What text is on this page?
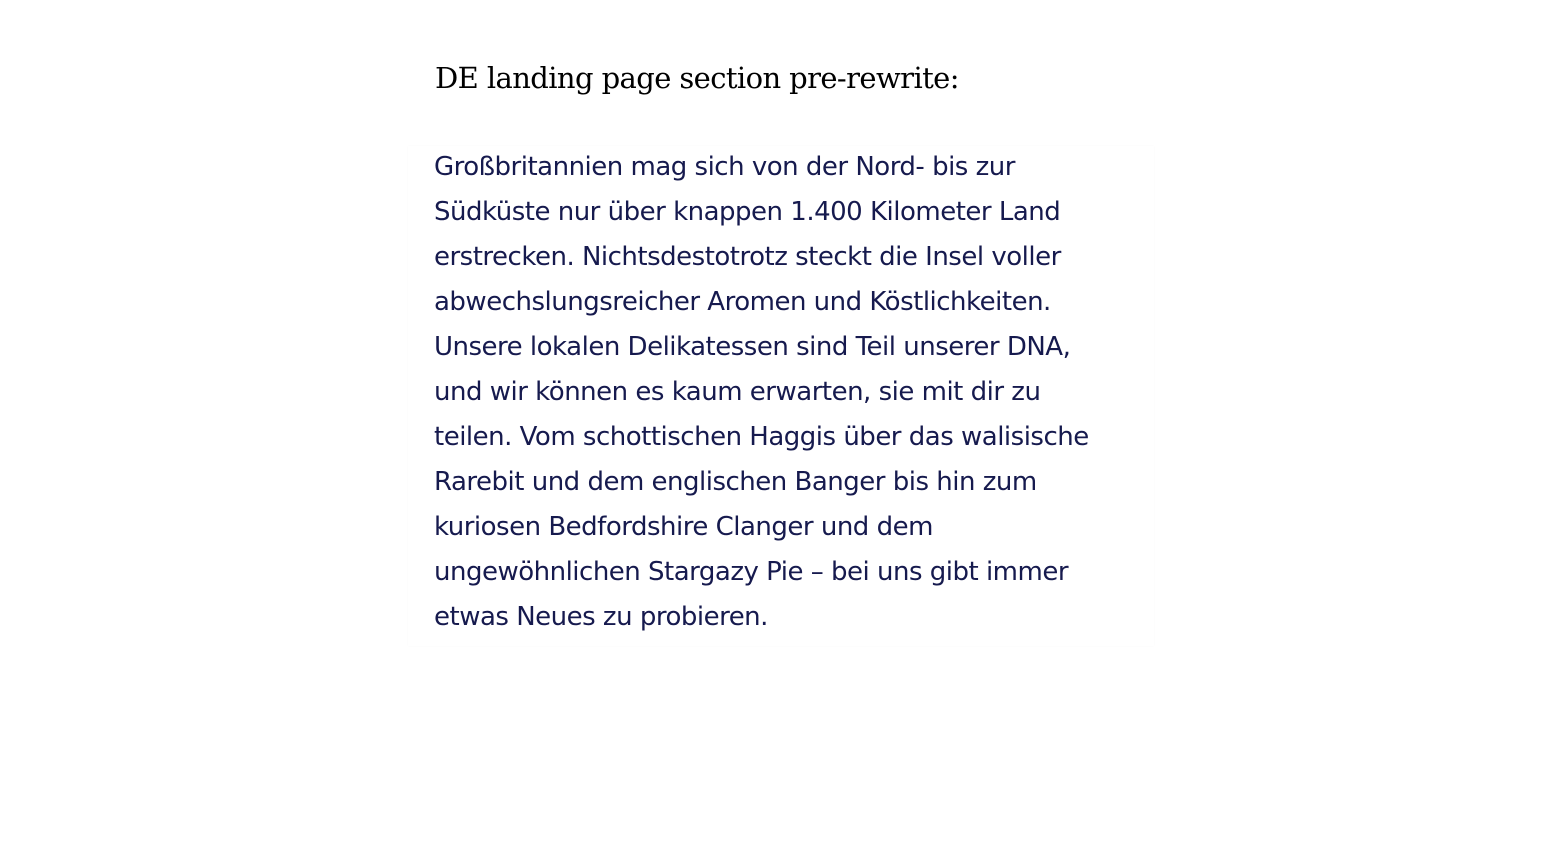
DE landing page section pre-rewrite:

Großbritannien mag sich von der Nord- bis zur

Südküste nur über knappen 1.400 Kilometer Land

erstrecken. Nichtsdestotrotz steckt die Insel voller

abwechslungsreicher Aromen und Köstlichkeiten.

Unsere lokalen Delikatessen sind Teil unserer DNA,

und wir können es kaum erwarten, sie mit dir zu

teilen. Vom schottischen Haggis über das walisische

Rarebit und dem englischen Banger bis hin zum

kuriosen Bedfordshire Clanger und dem

ungewöhnlichen Stargazy Pie – bei uns gibt immer

etwas Neues zu probieren.
